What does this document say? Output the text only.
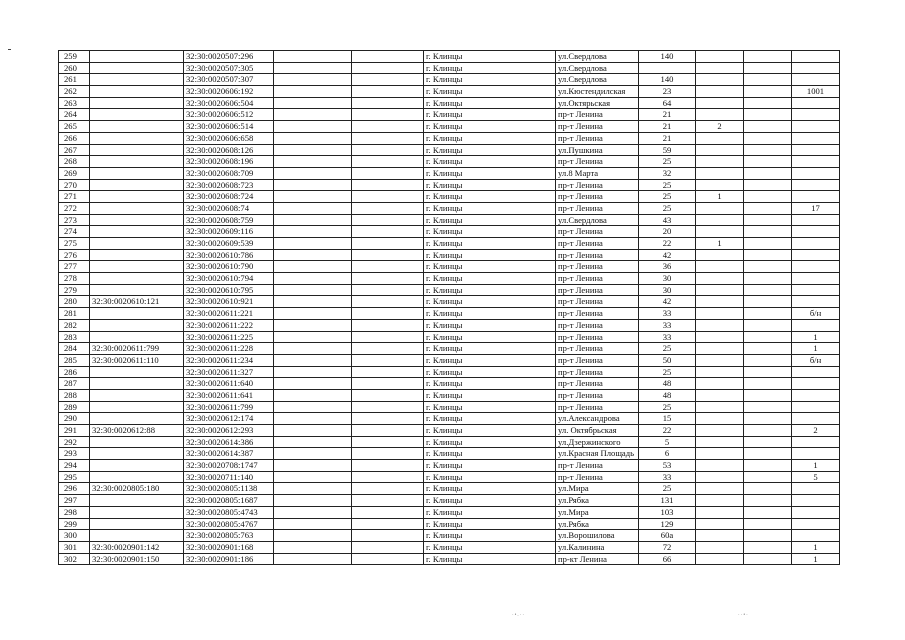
259		32:30:0020507:296			г. Клинцы	ул.Свердлова	140			
260		32:30:0020507:305			г. Клинцы	ул.Свердлова				
261		32:30:0020507:307			г. Клинцы	ул.Свердлова	140			
262		32:30:0020606:192			г. Клинцы	ул.Кюстендилская	23			1001
263		32:30:0020606:504			г. Клинцы	ул.Октярьская	64			
264		32:30:0020606:512			г. Клинцы	пр-т Ленина	21			
265		32:30:0020606:514			г. Клинцы	пр-т Ленина	21	2		
266		32:30:0020606:658			г. Клинцы	пр-т Ленина	21			
267		32:30:0020608:126			г. Клинцы	ул.Пушкина	59			
268		32:30:0020608:196			г. Клинцы	пр-т Ленина	25			
269		32:30:0020608:709			г. Клинцы	ул.8 Марта	32			
270		32:30:0020608:723			г. Клинцы	пр-т Ленина	25			
271		32:30:0020608:724			г. Клинцы	пр-т Ленина	25	1		
272		32:30:0020608:74			г. Клинцы	пр-т Ленина	25			17
273		32:30:0020608:759			г. Клинцы	ул.Свердлова	43			
274		32:30:0020609:116			г. Клинцы	пр-т Ленина	20			
275		32:30:0020609:539			г. Клинцы	пр-т Ленина	22	1		
276		32:30:0020610:786			г. Клинцы	пр-т Ленина	42			
277		32:30:0020610:790			г. Клинцы	пр-т Ленина	36			
278		32:30:0020610:794			г. Клинцы	пр-т Ленина	30			
279		32:30:0020610:795			г. Клинцы	пр-т Ленина	30			
280	32:30:0020610:121	32:30:0020610:921			г. Клинцы	пр-т Ленина	42			
281		32:30:0020611:221			г. Клинцы	пр-т Ленина	33			б/н
282		32:30:0020611:222			г. Клинцы	пр-т Ленина	33			
283		32:30:0020611:225			г. Клинцы	пр-т Ленина	33			1
284	32:30:0020611:799	32:30:0020611:228			г. Клинцы	пр-т Ленина	25			1
285	32:30:0020611:110	32:30:0020611:234			г. Клинцы	пр-т Ленина	50			б/н
286		32:30:0020611:327			г. Клинцы	пр-т Ленина	25			
287		32:30:0020611:640			г. Клинцы	пр-т Ленина	48			
288		32:30:0020611:641			г. Клинцы	пр-т Ленина	48			
289		32:30:0020611:799			г. Клинцы	пр-т Ленина	25			
290		32:30:0020612:174			г. Клинцы	ул.Александрова	15			
291	32:30:0020612:88	32:30:0020612:293			г. Клинцы	ул. Октябрьская	22			2
292		32:30:0020614:386			г. Клинцы	ул.Дзержинского	5			
293		32:30:0020614:387			г. Клинцы	ул.Красная Площадь	6			
294		32:30:0020708:1747			г. Клинцы	пр-т Ленина	53			1
295		32:30:0020711:140			г. Клинцы	пр-т Ленина	33			5
296	32:30:0020805:180	32:30:0020805:1138			г. Клинцы	ул.Мира	25			
297		32:30:0020805:1687			г. Клинцы	ул.Рябка	131			
298		32:30:0020805:4743			г. Клинцы	ул.Мира	103			
299		32:30:0020805:4767			г. Клинцы	ул.Рябка	129			
300		32:30:0020805:763			г. Клинцы	ул.Ворошилова	60а			
301	32:30:0020901:142	32:30:0020901:168			г. Клинцы	ул.Калинина	72			1
302	32:30:0020901:150	32:30:0020901:186			г. Клинцы	пр-кт Ленина	66			1
·•.··	··•·
